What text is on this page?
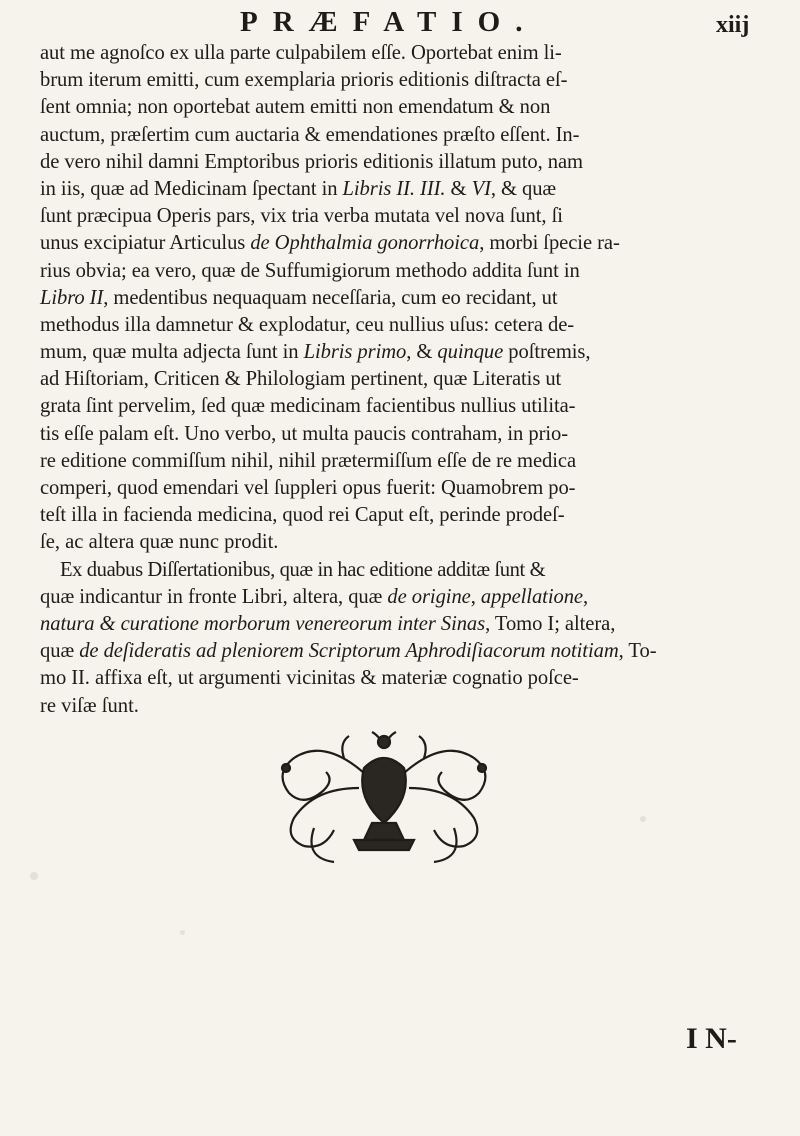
PRÆFATIO.	xiij
aut me agnoſco ex ulla parte culpabilem eſſe. Oportebat enim li-
brum iterum emitti, cum exemplaria prioris editionis diſtracta eſ-
ſent omnia; non oportebat autem emitti non emendatum & non
auctum, præſertim cum auctaria & emendationes præſto eſſent. In-
de vero nihil damni Emptoribus prioris editionis illatum puto, nam
in iis, quæ ad Medicinam ſpectant in Libris II. III. & VI, & quæ
ſunt præcipua Operis pars, vix tria verba mutata vel nova ſunt, ſi
unus excipiatur Articulus de Ophthalmia gonorrhoica, morbi ſpecie ra-
rius obvia; ea vero, quæ de Suffumigiorum methodo addita ſunt in
Libro II, medentibus nequaquam neceſſaria, cum eo recidant, ut
methodus illa damnetur & explodatur, ceu nullius uſus: cetera de-
mum, quæ multa adjecta ſunt in Libris primo, & quinque poſtremis,
ad Hiſtoriam, Criticen & Philologiam pertinent, quæ Literatis ut
grata ſint pervelim, ſed quæ medicinam facientibus nullius utilita-
tis eſſe palam eſt. Uno verbo, ut multa paucis contraham, in prio-
re editione commiſſum nihil, nihil prætermiſſum eſſe de re medica
comperi, quod emendari vel ſuppleri opus fuerit: Quamobrem po-
teſt illa in facienda medicina, quod rei Caput eſt, perinde prodeſ-
ſe, ac altera quæ nunc prodit.
Ex duabus Diſſertationibus, quæ in hac editione additæ ſunt &
quæ indicantur in fronte Libri, altera, quæ de origine, appellatione,
natura & curatione morborum venereorum inter Sinas, Tomo I; altera,
quæ de deſideratis ad pleniorem Scriptorum Aphrodiſiacorum notitiam, To-
mo II. affixa eſt, ut argumenti vicinitas & materiæ cognatio poſce-
re viſæ ſunt.
I N-
